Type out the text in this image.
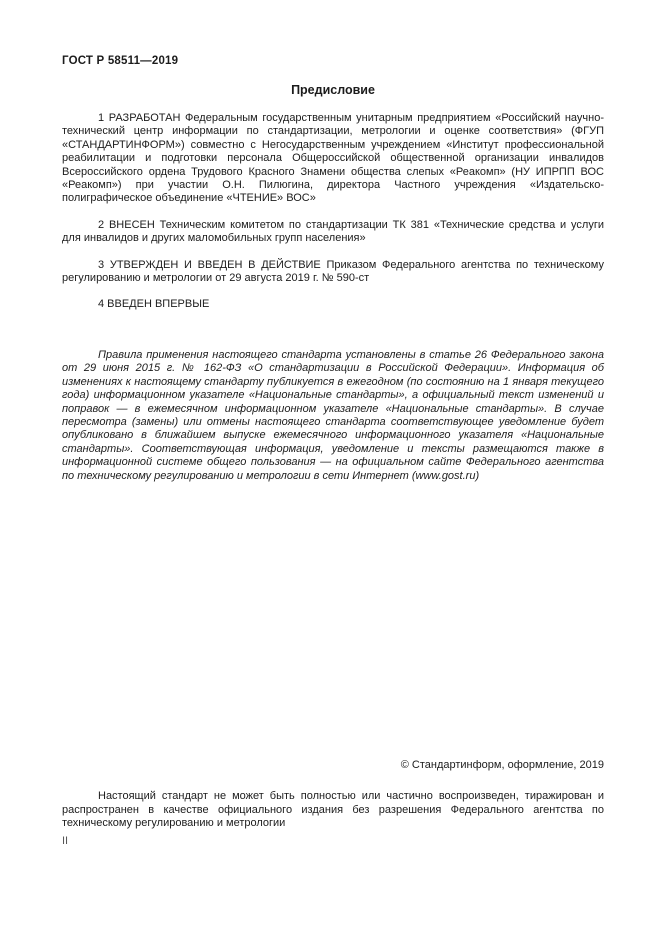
ГОСТ Р 58511—2019
Предисловие
1 РАЗРАБОТАН Федеральным государственным унитарным предприятием «Российский научно-технический центр информации по стандартизации, метрологии и оценке соответствия» (ФГУП «СТАНДАРТИНФОРМ») совместно с Негосударственным учреждением «Институт профессиональной реабилитации и подготовки персонала Общероссийской общественной организации инвалидов Всероссийского ордена Трудового Красного Знамени общества слепых «Реакомп» (НУ ИПРПП ВОС «Реакомп») при участии О.Н. Пилюгина, директора Частного учреждения «Издательско-полиграфическое объединение «ЧТЕНИЕ» ВОС»
2 ВНЕСЕН Техническим комитетом по стандартизации ТК 381 «Технические средства и услуги для инвалидов и других маломобильных групп населения»
3 УТВЕРЖДЕН И ВВЕДЕН В ДЕЙСТВИЕ Приказом Федерального агентства по техническому регулированию и метрологии от 29 августа 2019 г. № 590-ст
4 ВВЕДЕН ВПЕРВЫЕ
Правила применения настоящего стандарта установлены в статье 26 Федерального закона от 29 июня 2015 г. № 162-ФЗ «О стандартизации в Российской Федерации». Информация об изменениях к настоящему стандарту публикуется в ежегодном (по состоянию на 1 января текущего года) информационном указателе «Национальные стандарты», а официальный текст изменений и поправок — в ежемесячном информационном указателе «Национальные стандарты». В случае пересмотра (замены) или отмены настоящего стандарта соответствующее уведомление будет опубликовано в ближайшем выпуске ежемесячного информационного указателя «Национальные стандарты». Соответствующая информация, уведомление и тексты размещаются также в информационной системе общего пользования — на официальном сайте Федерального агентства по техническому регулированию и метрологии в сети Интернет (www.gost.ru)
© Стандартинформ, оформление, 2019
Настоящий стандарт не может быть полностью или частично воспроизведен, тиражирован и распространен в качестве официального издания без разрешения Федерального агентства по техническому регулированию и метрологии
II
